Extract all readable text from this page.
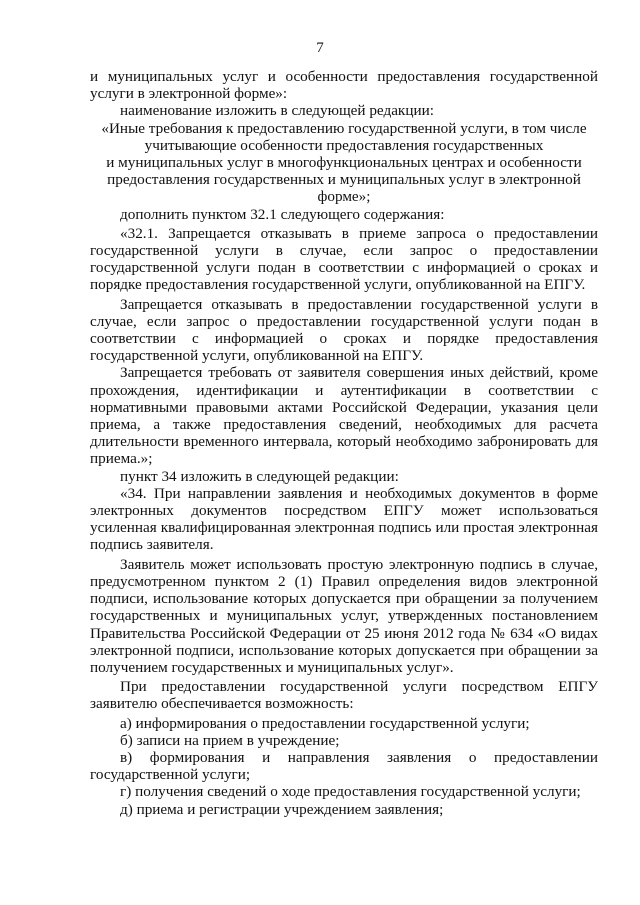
7

и муниципальных услуг и особенности предоставления государственной услуги в электронной форме»:

наименование изложить в следующей редакции:

«Иные требования к предоставлению государственной услуги, в том числе учитывающие особенности предоставления государственных

и муниципальных услуг в многофункциональных центрах и особенности предоставления государственных и муниципальных услуг в электронной форме»;

дополнить пунктом 32.1 следующего содержания:

«32.1. Запрещается отказывать в приеме запроса о предоставлении государственной услуги в случае, если запрос о предоставлении государственной услуги подан в соответствии с информацией о сроках и порядке предоставления государственной услуги, опубликованной на ЕПГУ.

Запрещается отказывать в предоставлении государственной услуги в случае, если запрос о предоставлении государственной услуги подан в соответствии с информацией о сроках и порядке предоставления государственной услуги, опубликованной на ЕПГУ.

Запрещается требовать от заявителя совершения иных действий, кроме прохождения, идентификации и аутентификации в соответствии с нормативными правовыми актами Российской Федерации, указания цели приема, а также предоставления сведений, необходимых для расчета длительности временного интервала, который необходимо забронировать для приема.»;

пункт 34 изложить в следующей редакции:

«34. При направлении заявления и необходимых документов в форме электронных документов посредством ЕПГУ может использоваться усиленная квалифицированная электронная подпись или простая электронная подпись заявителя.

Заявитель может использовать простую электронную подпись в случае, предусмотренном пунктом 2 (1) Правил определения видов электронной подписи, использование которых допускается при обращении за получением государственных и муниципальных услуг, утвержденных постановлением Правительства Российской Федерации от 25 июня 2012 года № 634 «О видах электронной подписи, использование которых допускается при обращении за получением государственных и муниципальных услуг».

При предоставлении государственной услуги посредством ЕПГУ заявителю обеспечивается возможность:

а) информирования о предоставлении государственной услуги;

б) записи на прием в учреждение;

в) формирования и направления заявления о предоставлении государственной услуги;

г) получения сведений о ходе предоставления государственной услуги;

д) приема и регистрации учреждением заявления;
